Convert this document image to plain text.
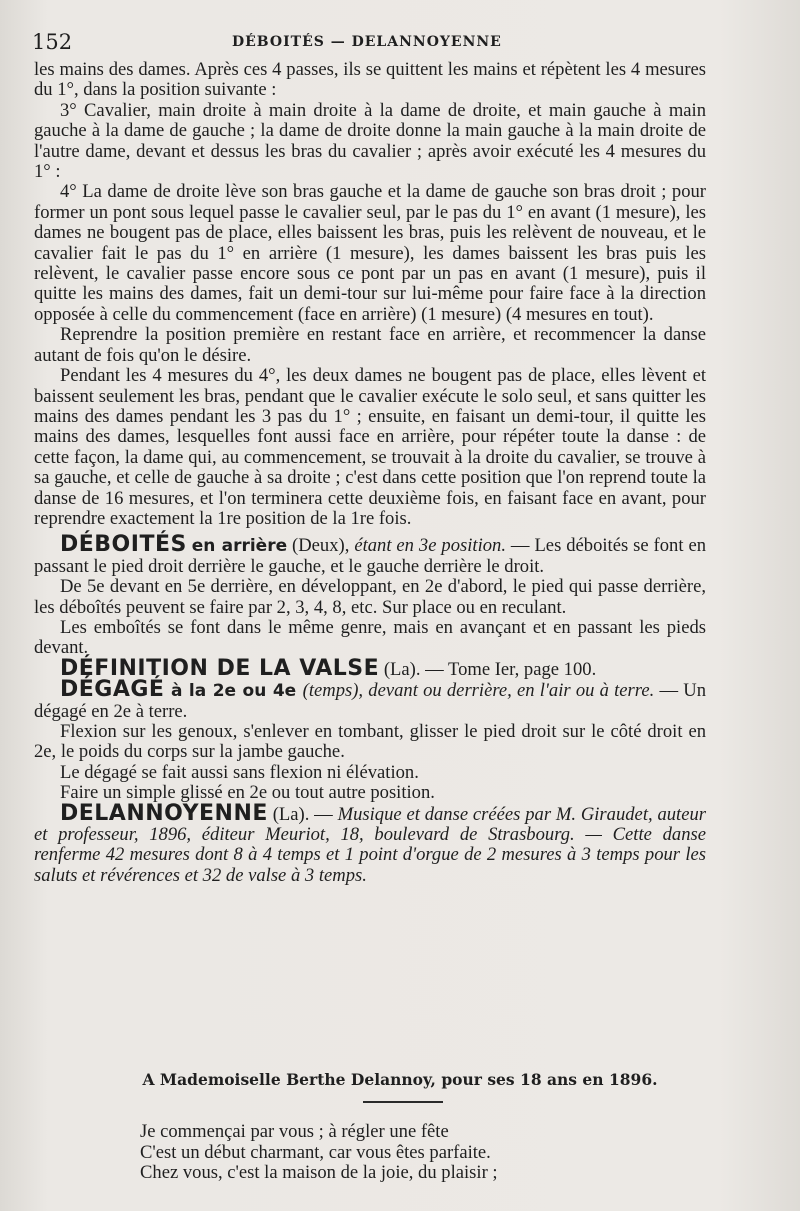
152	DÉBOITÉS — DELANNOYENNE

les mains des dames. Après ces 4 passes, ils se quittent les mains et répètent les 4 mesures du 1°, dans la position suivante :

3° Cavalier, main droite à main droite à la dame de droite, et main gauche à main gauche à la dame de gauche ; la dame de droite donne la main gauche à la main droite de l'autre dame, devant et dessus les bras du cavalier ; après avoir exécuté les 4 mesures du 1° :

4° La dame de droite lève son bras gauche et la dame de gauche son bras droit ; pour former un pont sous lequel passe le cavalier seul, par le pas du 1° en avant (1 mesure), les dames ne bougent pas de place, elles baissent les bras, puis les relèvent de nouveau, et le cavalier fait le pas du 1° en arrière (1 mesure), les dames baissent les bras puis les relèvent, le cavalier passe encore sous ce pont par un pas en avant (1 mesure), puis il quitte les mains des dames, fait un demi-tour sur lui-même pour faire face à la direction opposée à celle du commencement (face en arrière) (1 mesure) (4 mesures en tout).

Reprendre la position première en restant face en arrière, et recommencer la danse autant de fois qu'on le désire.

Pendant les 4 mesures du 4°, les deux dames ne bougent pas de place, elles lèvent et baissent seulement les bras, pendant que le cavalier exécute le solo seul, et sans quitter les mains des dames pendant les 3 pas du 1° ; ensuite, en faisant un demi-tour, il quitte les mains des dames, lesquelles font aussi face en arrière, pour répéter toute la danse : de cette façon, la dame qui, au commencement, se trouvait à la droite du cavalier, se trouve à sa gauche, et celle de gauche à sa droite ; c'est dans cette position que l'on reprend toute la danse de 16 mesures, et l'on terminera cette deuxième fois, en faisant face en avant, pour reprendre exactement la 1re position de la 1re fois.

DÉBOITÉS en arrière (Deux), étant en 3e position. — Les déboités se font en passant le pied droit derrière le gauche, et le gauche derrière le droit.

De 5e devant en 5e derrière, en développant, en 2e d'abord, le pied qui passe derrière, les déboîtés peuvent se faire par 2, 3, 4, 8, etc. Sur place ou en reculant.

Les emboîtés se font dans le même genre, mais en avançant et en passant les pieds devant.

DÉFINITION DE LA VALSE (La). — Tome Ier, page 100.

DÉGAGÉ à la 2e ou 4e (temps), devant ou derrière, en l'air ou à terre. — Un dégagé en 2e à terre.

Flexion sur les genoux, s'enlever en tombant, glisser le pied droit sur le côté droit en 2e, le poids du corps sur la jambe gauche.

Le dégagé se fait aussi sans flexion ni élévation.

Faire un simple glissé en 2e ou tout autre position.

DELANNOYENNE (La). — Musique et danse créées par M. Giraudet, auteur et professeur, 1896, éditeur Meuriot, 18, boulevard de Strasbourg. — Cette danse renferme 42 mesures dont 8 à 4 temps et 1 point d'orgue de 2 mesures à 3 temps pour les saluts et révérences et 32 de valse à 3 temps.

A Mademoiselle Berthe Delannoy, pour ses 18 ans en 1896.
Je commençai par vous ; à régler une fête
C'est un début charmant, car vous êtes parfaite.
Chez vous, c'est la maison de la joie, du plaisir ;
